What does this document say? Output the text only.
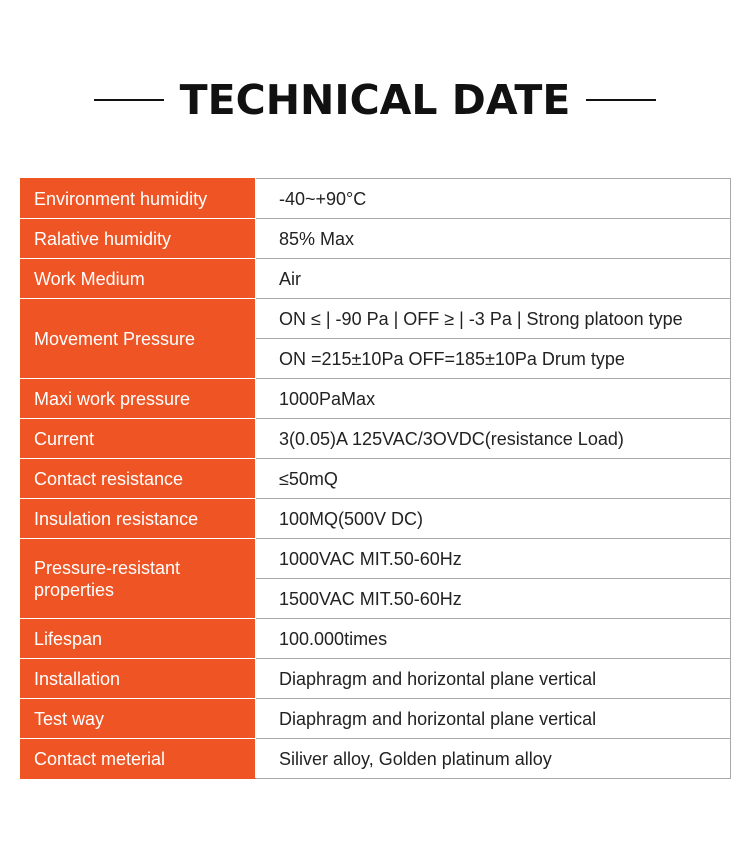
TECHNICAL DATE
Environment humidity	-40~+90°C
Ralative humidity	85% Max
Work Medium	Air
Movement Pressure	ON ≤ | -90 Pa | OFF ≥ | -3 Pa | Strong platoon type
	ON =215±10Pa OFF=185±10Pa Drum type
Maxi work pressure	1000PaMax
Current	3(0.05)A 125VAC/3OVDC(resistance Load)
Contact resistance	≤50mQ
Insulation resistance	100MQ(500V DC)
Pressure-resistant properties	1000VAC MIT.50-60Hz
	1500VAC MIT.50-60Hz
Lifespan	100.000times
Installation	Diaphragm and horizontal plane vertical
Test way	Diaphragm and horizontal plane vertical
Contact meterial	Siliver alloy, Golden platinum alloy
